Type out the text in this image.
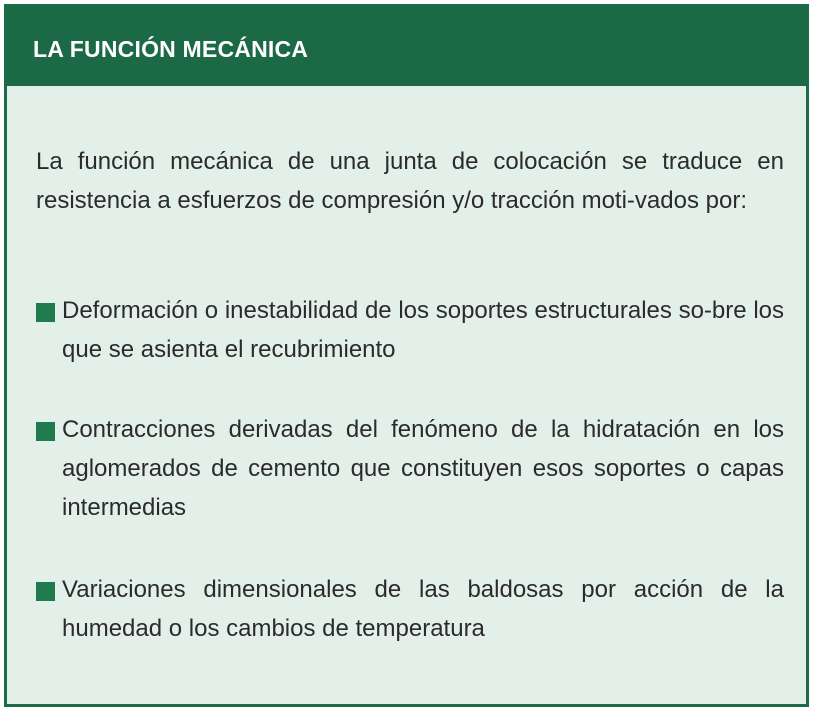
LA FUNCIÓN MECÁNICA

La función mecánica de una junta de colocación se traduce en resistencia a esfuerzos de compresión y/o tracción moti-vados por:

Deformación o inestabilidad de los soportes estructurales so-bre los que se asienta el recubrimiento

Contracciones derivadas del fenómeno de la hidratación en los aglomerados de cemento que constituyen esos soportes o capas intermedias

Variaciones dimensionales de las baldosas por acción de la humedad o los cambios de temperatura
